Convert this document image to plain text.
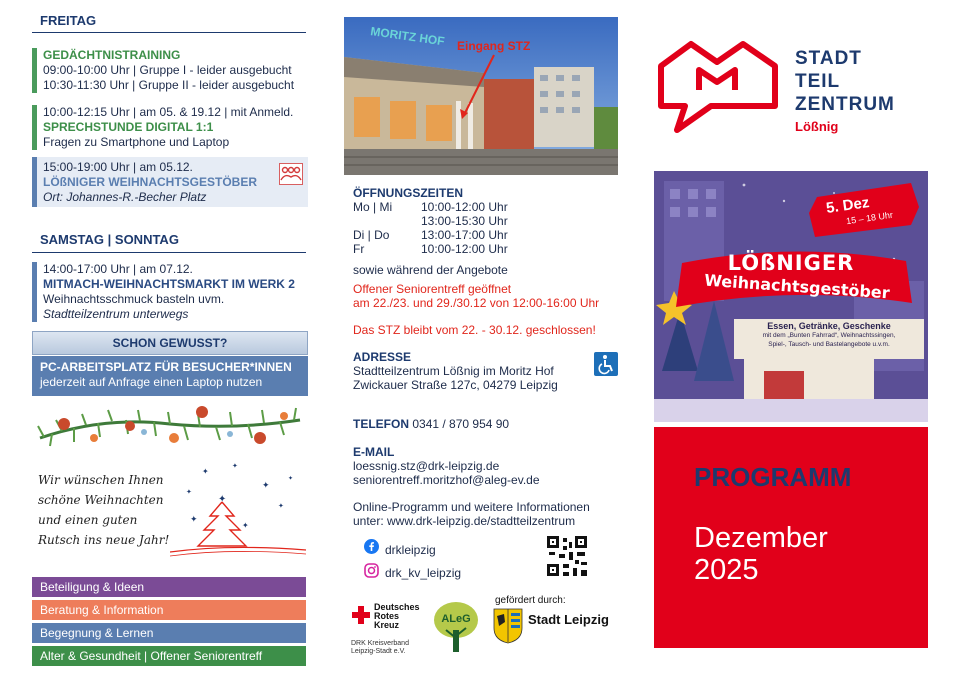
FREITAG
GEDÄCHTNISTRAINING
09:00-10:00 Uhr | Gruppe I - leider ausgebucht
10:30-11:30 Uhr | Gruppe II - leider ausgebucht
10:00-12:15 Uhr | am 05. & 19.12 | mit Anmeld.
SPRECHSTUNDE DIGITAL 1:1
Fragen zu Smartphone und Laptop
15:00-19:00 Uhr | am 05.12.
LÖßNIGER WEIHNACHTSGESTÖBER
Ort: Johannes-R.-Becher Platz
SAMSTAG | SONNTAG
14:00-17:00 Uhr | am 07.12.
MITMACH-WEIHNACHTSMARKT IM WERK 2
Weihnachtsschmuck basteln uvm.
Stadtteilzentrum unterwegs
SCHON GEWUSST?
PC-ARBEITSPLATZ FÜR BESUCHER*INNEN
jederzeit auf Anfrage einen Laptop nutzen
Wir wünschen Ihnen
schöne Weihnachten
und einen guten
Rutsch ins neue Jahr!
✦
✦
✦
✦
✦
✦
✦
✦
✦
Beteiligung & Ideen
Beratung & Information
Begegnung & Lernen
Alter & Gesundheit | Offener Seniorentreff
MORITZ HOF Eingang STZ
ÖFFNUNGSZEITEN
Mo | Mi	10:00-12:00 Uhr
13:00-15:30 Uhr
Di | Do	13:00-17:00 Uhr
Fr	10:00-12:00 Uhr
sowie während der Angebote
Offener Seniorentreff geöffnet
am 22./23. und 29./30.12 von 12:00-16:00 Uhr
Das STZ bleibt vom 22. - 30.12. geschlossen!
ADRESSE
Stadtteilzentrum Lößnig im Moritz Hof
Zwickauer Straße 127c, 04279 Leipzig
TELEFON 0341 / 870 954 90
E-MAIL
loessnig.stz@drk-leipzig.de
seniorentreff.moritzhof@aleg-ev.de
Online-Programm und weitere Informationen
unter: www.drk-leipzig.de/stadtteilzentrum
drkleipzig
drk_kv_leipzig
Deutsches Rotes Kreuz
DRK Kreisverband Leipzig-Stadt e.V.
ALeG
gefördert durch:
Stadt Leipzig
STADT
TEIL
ZENTRUM
Lößnig
5. Dez
15 – 18 Uhr
LÖßNIGER
Weihnachtsgestöber
Essen, Getränke, Geschenke
mit dem „Bunten Fahrrad“, Weihnachtssingen,
Spiel-, Tausch- und Bastelangebote u.v.m.
PROGRAMM
Dezember
2025
